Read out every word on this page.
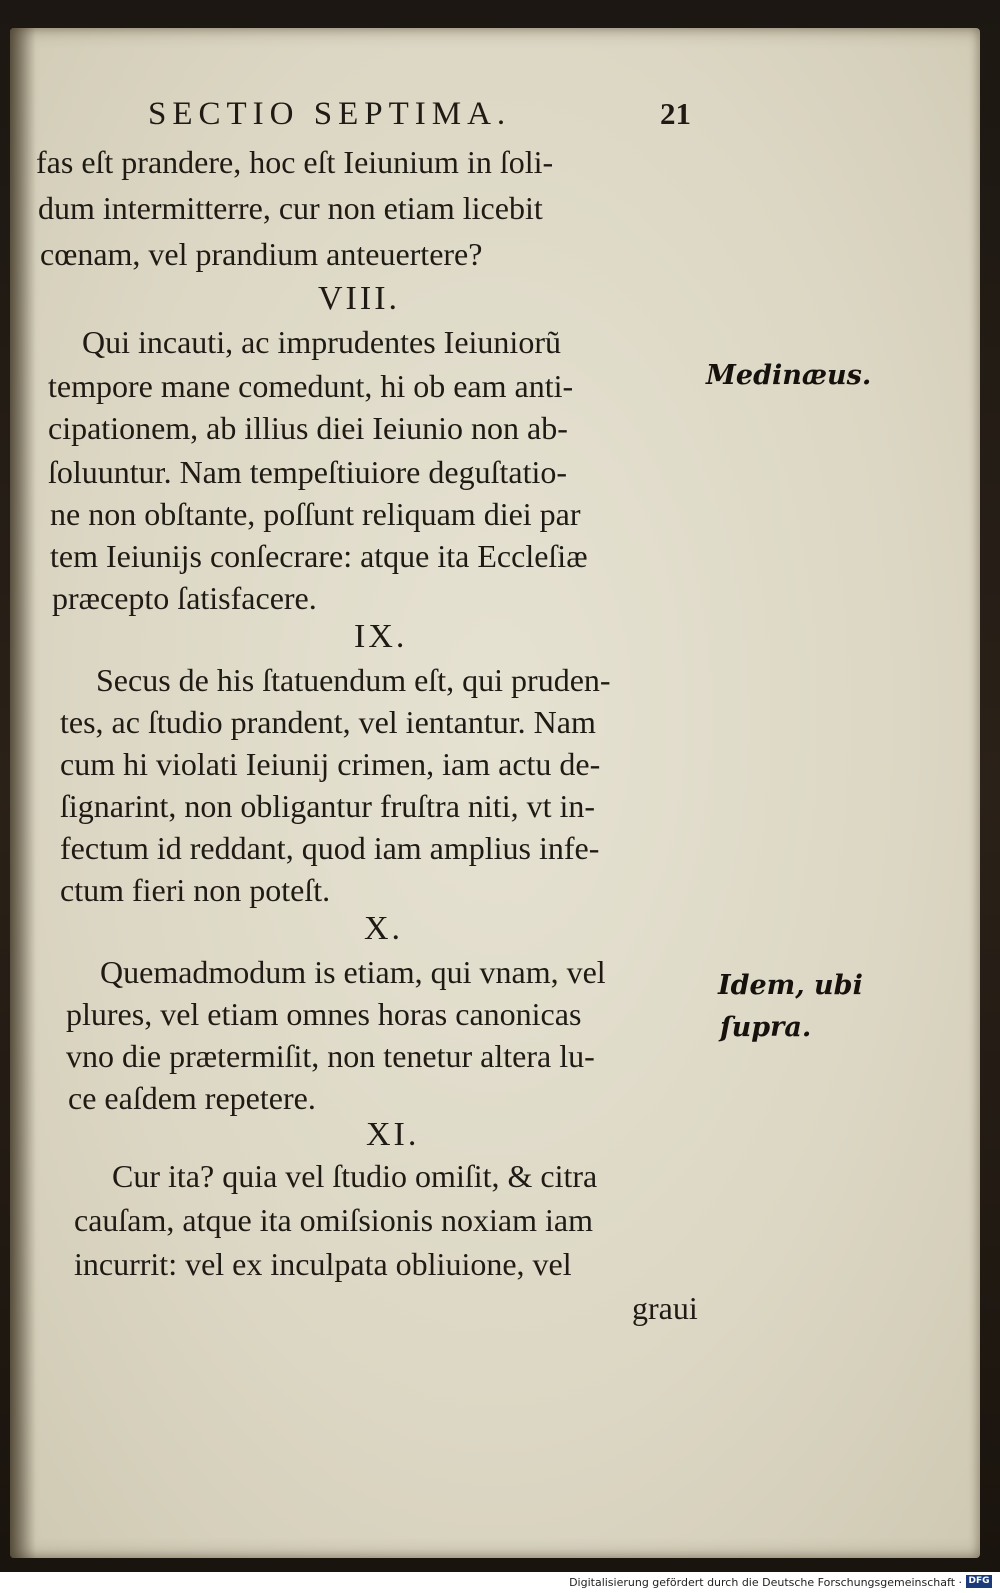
SECTIO SEPTIMA.	21
fas eſt prandere, hoc eſt Ieiunium in ſoli-
dum intermitterre, cur non etiam licebit
cœnam, vel prandium anteuertere?
VIII.
Qui incauti, ac imprudentes Ieiuniorũ
tempore mane comedunt, hi ob eam anti-
cipationem, ab illius diei Ieiunio non ab-
ſoluuntur. Nam tempeſtiuiore deguſtatio-
ne non obſtante, poſſunt reliquam diei par
tem Ieiunijs conſecrare: atque ita Eccleſiæ
præcepto ſatisfacere.
IX.
Secus de his ſtatuendum eſt, qui pruden-
tes, ac ſtudio prandent, vel ientantur. Nam
cum hi violati Ieiunij crimen, iam actu de-
ſignarint, non obligantur fruſtra niti, vt in-
fectum id reddant, quod iam amplius infe-
ctum fieri non poteſt.
X.
Quemadmodum is etiam, qui vnam, vel
plures, vel etiam omnes horas canonicas
vno die prætermiſit, non tenetur altera lu-
ce eaſdem repetere.
XI.
Cur ita? quia vel ſtudio omiſit, & citra
cauſam, atque ita omiſsionis noxiam iam
incurrit: vel ex inculpata obliuione, vel
graui
Medinæus.
Idem, ubi
ſupra.
Digitalisierung gefördert durch die Deutsche Forschungsgemeinschaft · DFG
